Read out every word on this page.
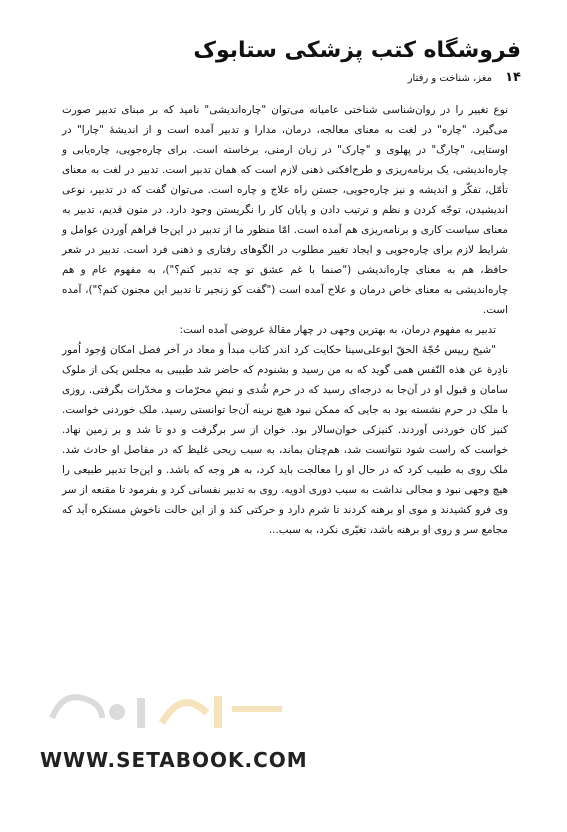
فروشگاه کتب پزشکی ستابوک
۱۴ مغز، شناخت و رفتار

نوع تغییر را در روان‌شناسی شناختی عامیانه می‌توان "چاره‌اندیشی" نامید که بر مبنای تدبیر صورت می‌گیرد. "چاره" در لغت به معنای معالجه، درمان، مدارا و تدبیر آمده است و از اندیشهٔ "چارا" در اوستایی، "چارگ" در پهلوی و "چارک" در زبان ارمنی، برخاسته است. برای چاره‌جویی، چاره‌یابی و چاره‌اندیشی، یک برنامه‌ریزی و طرح‌افکنی ذهنی لازم است که همان تدبیر است. تدبیر در لغت به معنای تأمّل، تفکّر و اندیشه و نیز چاره‌جویی، جستن راه علاج و چاره است. می‌توان گفت که در تدبیر، نوعی اندیشیدن، توجّه کردن و نظم و ترتیب دادن و پایان کار را نگریستن وجود دارد. در متون قدیم، تدبیر به معنای سیاست کاری و برنامه‌ریزی هم آمده است. امّا منظور ما از تدبیر در این‌جا فراهم آوردن عوامل و شرایط لازم برای چاره‌جویی و ایجاد تغییر مطلوب در الگوهای رفتاری و ذهنی فرد است. تدبیر در شعر حافظ، هم به معنای چاره‌اندیشی ("صنما با غم عشق تو چه تدبیر کنم؟")، به مفهوم عام و هم چاره‌اندیشی به معنای خاص درمان و علاج آمده است ("گفت کو زنجیر تا تدبیر این مجنون کنم؟")، آمده است.

تدبیر به مفهوم درمان، به بهترین وجهی در چهار مقالهٔ عروضی آمده است:

"شیخ رییس حُجّهٔ الحقّ ابوعلی‌سینا حکایت کرد اندر کتاب مبدأ و معاد در آخر فصل امکان وُجود اُمور نادِرة عن هذه النّفس همی گوید که به من رسید و بشنودم که حاضر شد طبیبی به مجلس یکی از ملوک سامان و قبول او در آن‌جا به درجه‌ای رسید که در حرم شُدی و نبضِ محرّمات و مخدّرات بگرفتی. روزی با ملک در حرم نشسته بود به جایی که ممکن نبود هیچ نرینه آن‌جا توانستی رسید. ملک خوردنی خواست. کنیز کان خوردنی آوردند. کنیزکی خوان‌سالار بود. خوان از سر برگرفت و دو تا شد و بر زمین نهاد. خواست که راست شود نتوانست شد، هم‌چنان بماند، به سبب ریحی غلیظ که در مفاصل او حادث شد. ملک روی به طبیب کرد که در حال او را معالجت باید کرد، به هر وجه که باشد. و این‌جا تدبیر طبیعی را هیچ وجهی نبود و مجالی نداشت به سبب دوری ادویه. روی به تدبیر نفسانی کرد و بفرمود تا مقنعه از سر وی فرو کشیدند و موی او برهنه کردند تا شرم دارد و حرکتی کند و از این حالت ناخوش مستکره آید که مجامع سر و روی او برهنه باشد، تغیّری نکرد، به سبب...

WWW.SETABOOK.COM
